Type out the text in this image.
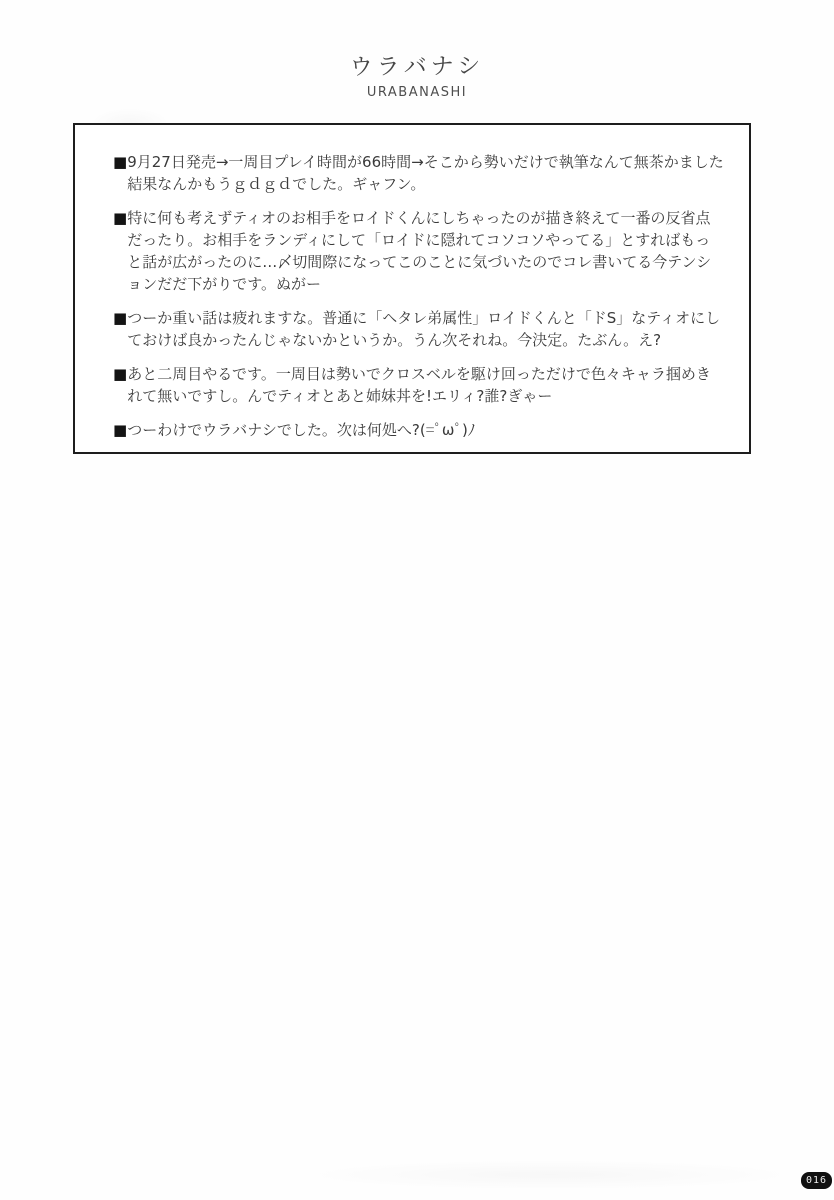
ウラバナシ
URABANASHI
■ 9月27日発売→一周目プレイ時間が66時間→そこから勢いだけで執筆なんて無茶かました結果なんかもうｇｄｇｄでした。ギャフン。
■ 特に何も考えずティオのお相手をロイドくんにしちゃったのが描き終えて一番の反省点だったり。お相手をランディにして「ロイドに隠れてコソコソやってる」とすればもっと話が広がったのに…〆切間際になってこのことに気づいたのでコレ書いてる今テンションだだ下がりです。ぬがー
■ つーか重い話は疲れますな。普通に「ヘタレ弟属性」ロイドくんと「ドS」なティオにしておけば良かったんじゃないかというか。うん次それね。今決定。たぶん。え?
■ あと二周目やるです。一周目は勢いでクロスベルを駆け回っただけで色々キャラ掴めきれて無いですし。んでティオとあと姉妹丼を!エリィ?誰?ぎゃー
■ つーわけでウラバナシでした。次は何処へ?(=ﾟωﾟ)ﾉ
016
